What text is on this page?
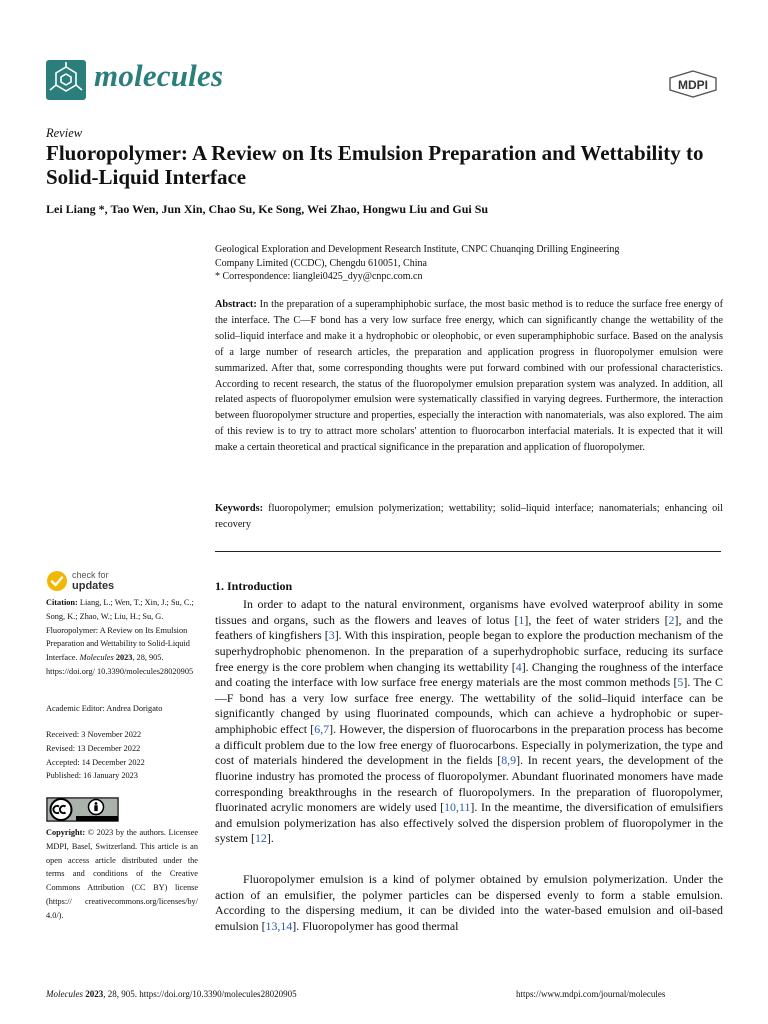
molecules	MDPI
Review
Fluoropolymer: A Review on Its Emulsion Preparation and Wettability to Solid-Liquid Interface
Lei Liang *, Tao Wen, Jun Xin, Chao Su, Ke Song, Wei Zhao, Hongwu Liu and Gui Su
Geological Exploration and Development Research Institute, CNPC Chuanqing Drilling Engineering
Company Limited (CCDC), Chengdu 610051, China
* Correspondence: lianglei0425_dyy@cnpc.com.cn
Abstract: In the preparation of a superamphiphobic surface, the most basic method is to reduce the surface free energy of the interface. The C—F bond has a very low surface free energy, which can significantly change the wettability of the solid–liquid interface and make it a hydrophobic or oleophobic, or even superamphiphobic surface. Based on the analysis of a large number of research articles, the preparation and application progress in fluoropolymer emulsion were summarized. After that, some corresponding thoughts were put forward combined with our professional characteristics. According to recent research, the status of the fluoropolymer emulsion preparation system was analyzed. In addition, all related aspects of fluoropolymer emulsion were systematically classified in varying degrees. Furthermore, the interaction between fluoropolymer structure and properties, especially the interaction with nanomaterials, was also explored. The aim of this review is to try to attract more scholars' attention to fluorocarbon interfacial materials. It is expected that it will make a certain theoretical and practical significance in the preparation and application of fluoropolymer.
Keywords: fluoropolymer; emulsion polymerization; wettability; solid–liquid interface; nanomaterials; enhancing oil recovery
check for
updates
Citation: Liang, L.; Wen, T.; Xin, J.; Su, C.; Song, K.; Zhao, W.; Liu, H.; Su, G. Fluoropolymer: A Review on Its Emulsion Preparation and Wettability to Solid-Liquid Interface. Molecules 2023, 28, 905. https://doi.org/ 10.3390/molecules28020905
Academic Editor: Andrea Dorigato
Received: 3 November 2022
Revised: 13 December 2022
Accepted: 14 December 2022
Published: 16 January 2023
Copyright: © 2023 by the authors. Licensee MDPI, Basel, Switzerland. This article is an open access article distributed under the terms and conditions of the Creative Commons Attribution (CC BY) license (https:// creativecommons.org/licenses/by/ 4.0/).
1. Introduction

In order to adapt to the natural environment, organisms have evolved waterproof ability in some tissues and organs, such as the flowers and leaves of lotus [1], the feet of water striders [2], and the feathers of kingfishers [3]. With this inspiration, people began to explore the production mechanism of the superhydrophobic phenomenon. In the preparation of a superhydrophobic surface, reducing its surface free energy is the core problem when changing its wettability [4]. Changing the roughness of the interface and coating the interface with low surface free energy materials are the most common methods [5]. The C—F bond has a very low surface free energy. The wettability of the solid–liquid interface can be significantly changed by using fluorinated compounds, which can achieve a hydrophobic or super-amphiphobic effect [6,7]. However, the dispersion of fluorocarbons in the preparation process has become a difficult problem due to the low free energy of fluorocarbons. Especially in polymerization, the type and cost of materials hindered the development in the fields [8,9]. In recent years, the development of the fluorine industry has promoted the process of fluoropolymer. Abundant fluorinated monomers have made corresponding breakthroughs in the research of fluoropolymers. In the preparation of fluoropolymer, fluorinated acrylic monomers are widely used [10,11]. In the meantime, the diversification of emulsifiers and emulsion polymerization has also effectively solved the dispersion problem of fluoropolymer in the system [12].

Fluoropolymer emulsion is a kind of polymer obtained by emulsion polymerization. Under the action of an emulsifier, the polymer particles can be dispersed evenly to form a stable emulsion. According to the dispersing medium, it can be divided into the water-based emulsion and oil-based emulsion [13,14]. Fluoropolymer has good thermal

Molecules 2023, 28, 905. https://doi.org/10.3390/molecules28020905	https://www.mdpi.com/journal/molecules
